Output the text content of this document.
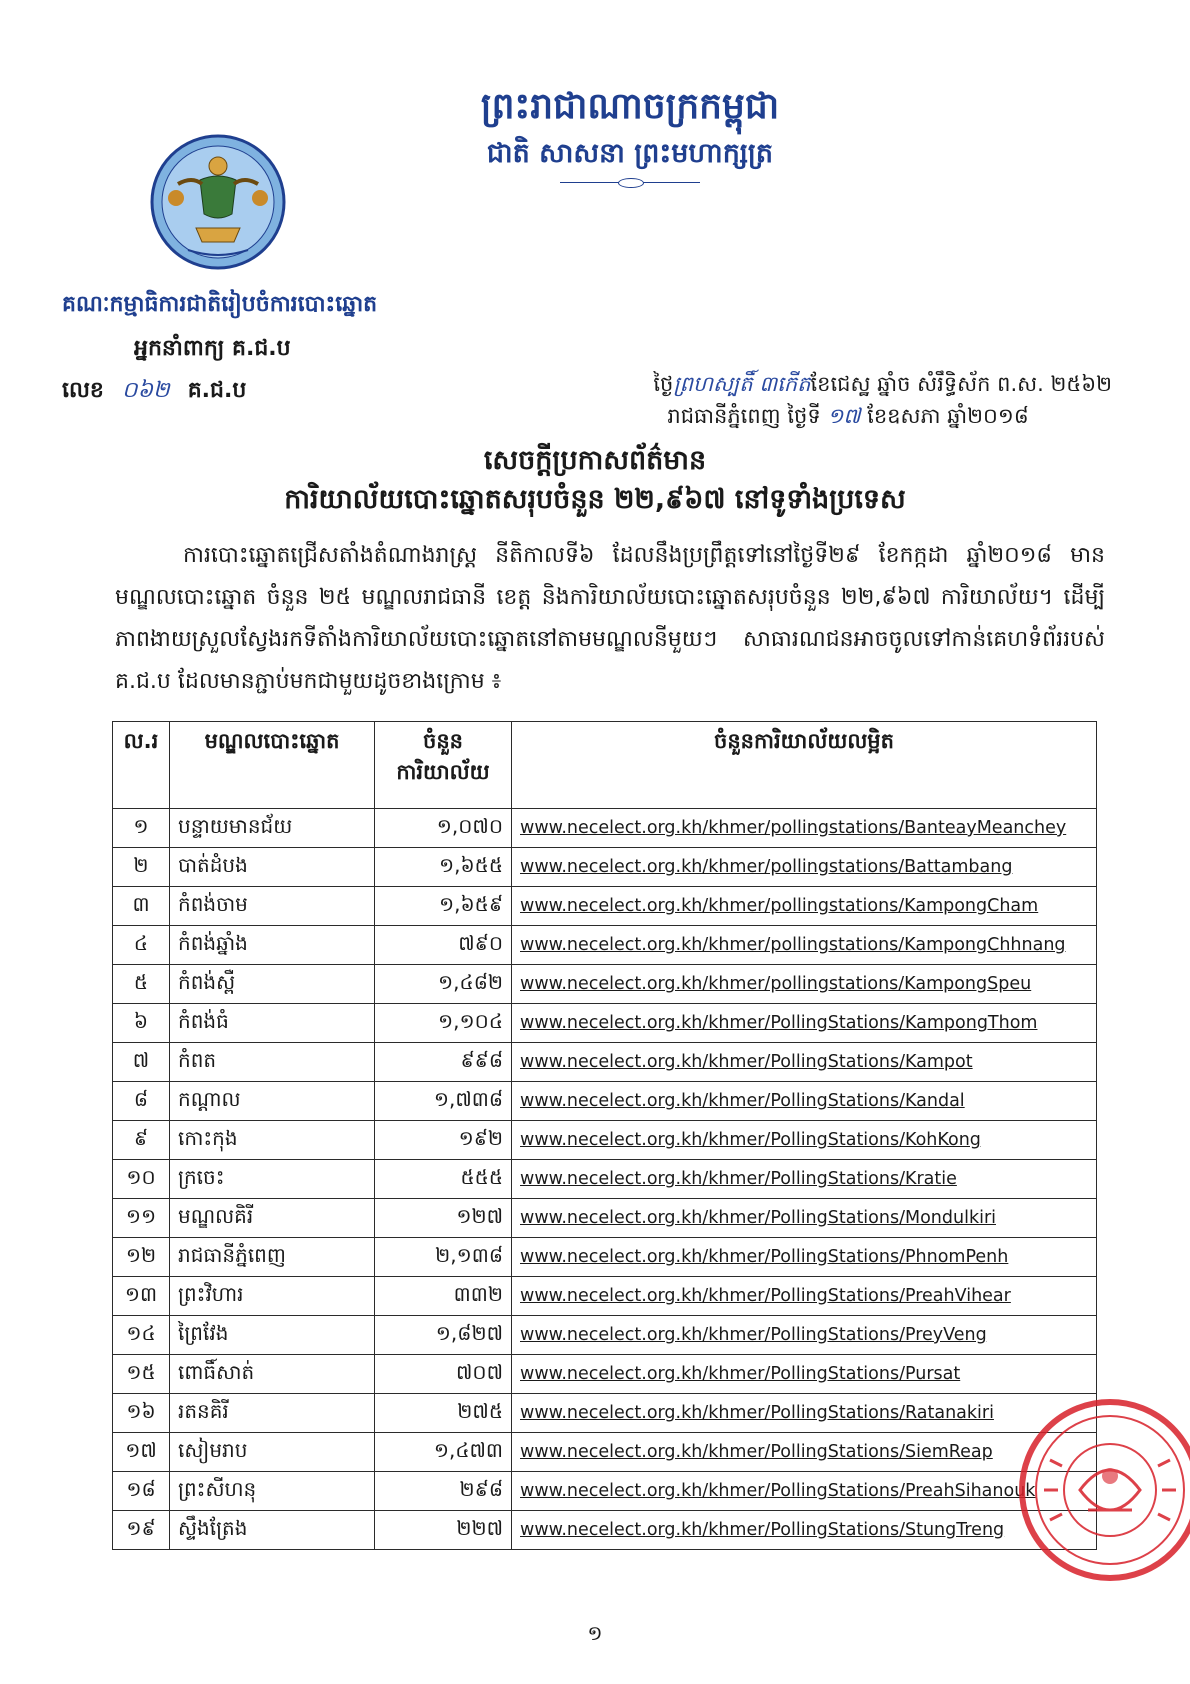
ព្រះរាជាណាចក្រកម្ពុជា
ជាតិ សាសនា ព្រះមហាក្សត្រ
គណៈកម្មាធិការជាតិរៀបចំការបោះឆ្នោត
អ្នកនាំពាក្យ គ.ជ.ប
លេខ ០៦២ គ.ជ.ប	ថ្ងៃព្រហស្បតិ៍ ៣កើតខែជេស្ឋ ឆ្នាំច សំរឹទ្ធិស័ក ព.ស. ២៥៦២
រាជធានីភ្នំពេញ ថ្ងៃទី ១៧ ខែឧសភា ឆ្នាំ២០១៨
សេចក្តីប្រកាសព័ត៌មាន
ការិយាល័យបោះឆ្នោតសរុបចំនួន ២២,៩៦៧ នៅទូទាំងប្រទេស
ការបោះឆ្នោតជ្រើសតាំងតំណាងរាស្ត្រ នីតិកាលទី៦ ដែលនឹងប្រព្រឹត្តទៅនៅថ្ងៃទី២៩ ខែកក្កដា ឆ្នាំ២០១៨ មានមណ្ឌលបោះឆ្នោត ចំនួន ២៥ មណ្ឌលរាជធានី ខេត្ត និងការិយាល័យបោះឆ្នោតសរុបចំនួន ២២,៩៦៧ ការិយាល័យ។ ដើម្បីភាពងាយស្រួលស្វែងរកទីតាំងការិយាល័យបោះឆ្នោតនៅតាមមណ្ឌលនីមួយៗ សាធារណជនអាចចូលទៅកាន់គេហទំព័ររបស់ គ.ជ.ប ដែលមានភ្ជាប់មកជាមួយដូចខាងក្រោម ៖
ល.រ	មណ្ឌលបោះឆ្នោត	ចំនួនការិយាល័យ	ចំនួនការិយាល័យលម្អិត
១	បន្ទាយមានជ័យ	១,០៧០	www.necelect.org.kh/khmer/pollingstations/BanteayMeanchey
២	បាត់ដំបង	១,៦៥៥	www.necelect.org.kh/khmer/pollingstations/Battambang
៣	កំពង់ចាម	១,៦៥៩	www.necelect.org.kh/khmer/pollingstations/KampongCham
៤	កំពង់ឆ្នាំង	៧៩០	www.necelect.org.kh/khmer/pollingstations/KampongChhnang
៥	កំពង់ស្ពឺ	១,៤៨២	www.necelect.org.kh/khmer/pollingstations/KampongSpeu
៦	កំពង់ធំ	១,១០៤	www.necelect.org.kh/khmer/PollingStations/KampongThom
៧	កំពត	៩៩៨	www.necelect.org.kh/khmer/PollingStations/Kampot
៨	កណ្តាល	១,៧៣៨	www.necelect.org.kh/khmer/PollingStations/Kandal
៩	កោះកុង	១៩២	www.necelect.org.kh/khmer/PollingStations/KohKong
១០	ក្រចេះ	៥៥៥	www.necelect.org.kh/khmer/PollingStations/Kratie
១១	មណ្ឌលគិរី	១២៧	www.necelect.org.kh/khmer/PollingStations/Mondulkiri
១២	រាជធានីភ្នំពេញ	២,១៣៨	www.necelect.org.kh/khmer/PollingStations/PhnomPenh
១៣	ព្រះវិហារ	៣៣២	www.necelect.org.kh/khmer/PollingStations/PreahVihear
១៤	ព្រៃវែង	១,៨២៧	www.necelect.org.kh/khmer/PollingStations/PreyVeng
១៥	ពោធិ៍សាត់	៧០៧	www.necelect.org.kh/khmer/PollingStations/Pursat
១៦	រតនគិរី	២៧៥	www.necelect.org.kh/khmer/PollingStations/Ratanakiri
១៧	សៀមរាប	១,៤៧៣	www.necelect.org.kh/khmer/PollingStations/SiemReap
១៨	ព្រះសីហនុ	២៩៨	www.necelect.org.kh/khmer/PollingStations/PreahSihanouk
១៩	ស្ទឹងត្រែង	២២៧	www.necelect.org.kh/khmer/PollingStations/StungTreng
១
